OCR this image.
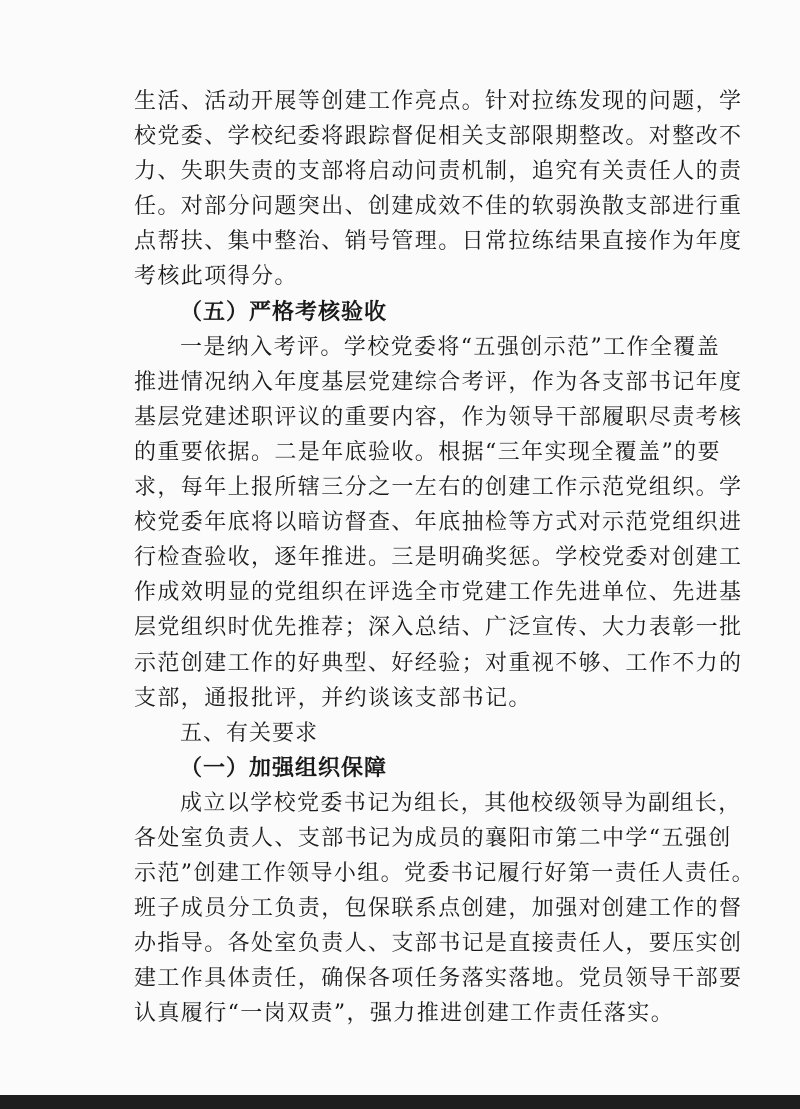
生活、活动开展等创建工作亮点。针对拉练发现的问题，学
校党委、学校纪委将跟踪督促相关支部限期整改。对整改不
力、失职失责的支部将启动问责机制，追究有关责任人的责
任。对部分问题突出、创建成效不佳的软弱涣散支部进行重
点帮扶、集中整治、销号管理。日常拉练结果直接作为年度
考核此项得分。
（五）严格考核验收
一是纳入考评。学校党委将“五强创示范”工作全覆盖
推进情况纳入年度基层党建综合考评，作为各支部书记年度
基层党建述职评议的重要内容，作为领导干部履职尽责考核
的重要依据。二是年底验收。根据“三年实现全覆盖”的要
求，每年上报所辖三分之一左右的创建工作示范党组织。学
校党委年底将以暗访督查、年底抽检等方式对示范党组织进
行检查验收，逐年推进。三是明确奖惩。学校党委对创建工
作成效明显的党组织在评选全市党建工作先进单位、先进基
层党组织时优先推荐；深入总结、广泛宣传、大力表彰一批
示范创建工作的好典型、好经验；对重视不够、工作不力的
支部，通报批评，并约谈该支部书记。
五、有关要求
（一）加强组织保障
成立以学校党委书记为组长，其他校级领导为副组长，
各处室负责人、支部书记为成员的襄阳市第二中学“五强创
示范”创建工作领导小组。党委书记履行好第一责任人责任。
班子成员分工负责，包保联系点创建，加强对创建工作的督
办指导。各处室负责人、支部书记是直接责任人，要压实创
建工作具体责任，确保各项任务落实落地。党员领导干部要
认真履行“一岗双责”，强力推进创建工作责任落实。
